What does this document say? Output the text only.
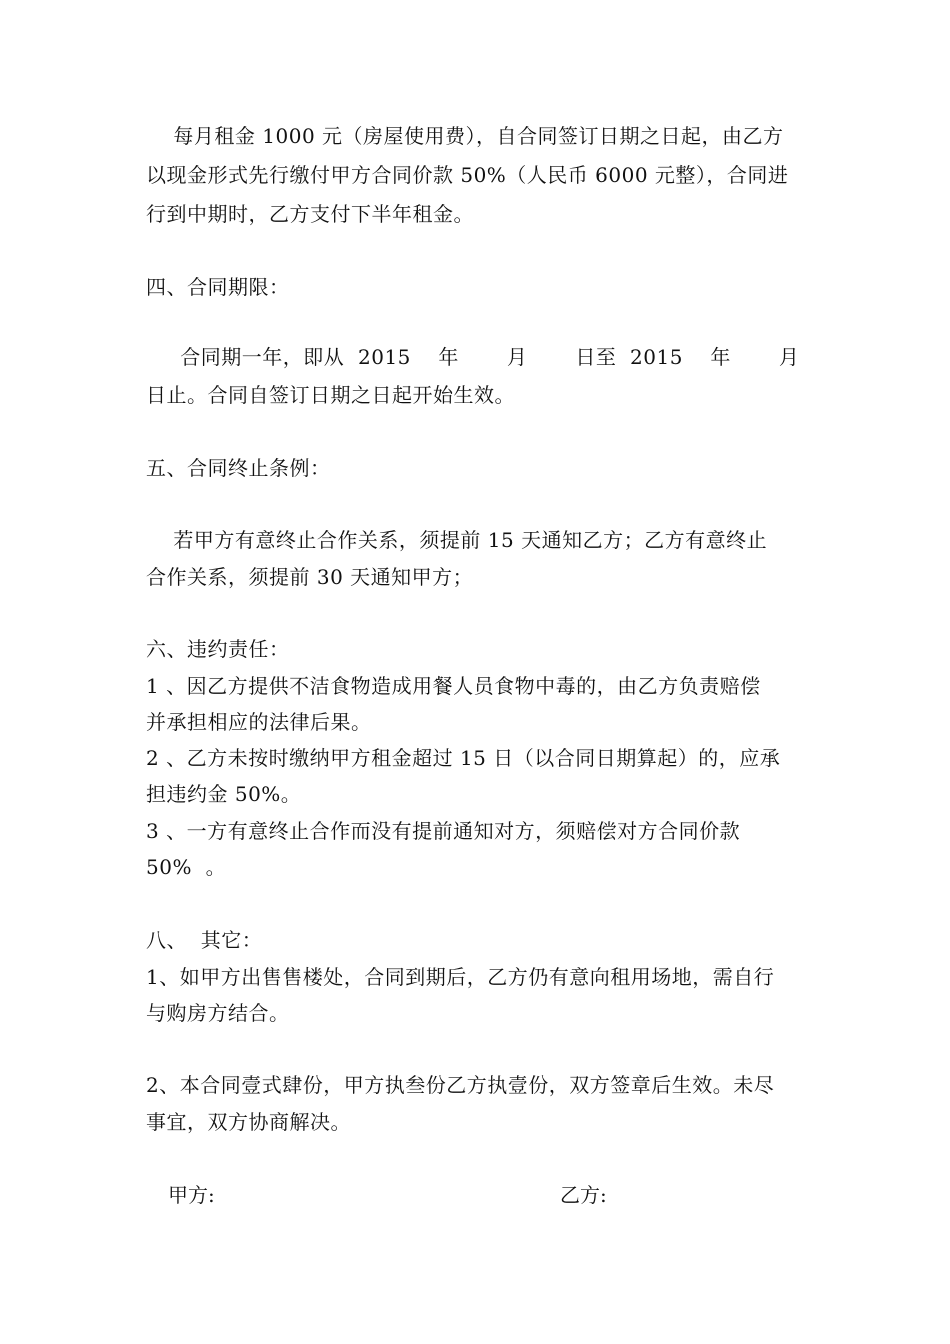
每月租金 1000 元（房屋使用费），自合同签订日期之日起，由乙方
以现金形式先行缴付甲方合同价款 50%（人民币 6000 元整），合同进
行到中期时，乙方支付下半年租金。
四、合同期限：
合同期一年，即从  2015    年       月       日至  2015    年       月
日止。合同自签订日期之日起开始生效。
五、合同终止条例：
若甲方有意终止合作关系，须提前 15 天通知乙方；乙方有意终止
合作关系，须提前 30 天通知甲方；
六、违约责任：
1 、因乙方提供不洁食物造成用餐人员食物中毒的，由乙方负责赔偿
并承担相应的法律后果。
2 、乙方未按时缴纳甲方租金超过 15 日（以合同日期算起）的，应承
担违约金 50%。
3 、一方有意终止合作而没有提前通知对方，须赔偿对方合同价款
50%  。
八、  其它：
1、如甲方出售售楼处，合同到期后，乙方仍有意向租用场地，需自行
与购房方结合。
2、本合同壹式肆份，甲方执叁份乙方执壹份，双方签章后生效。未尽
事宜，双方协商解决。
甲方:	乙方:
